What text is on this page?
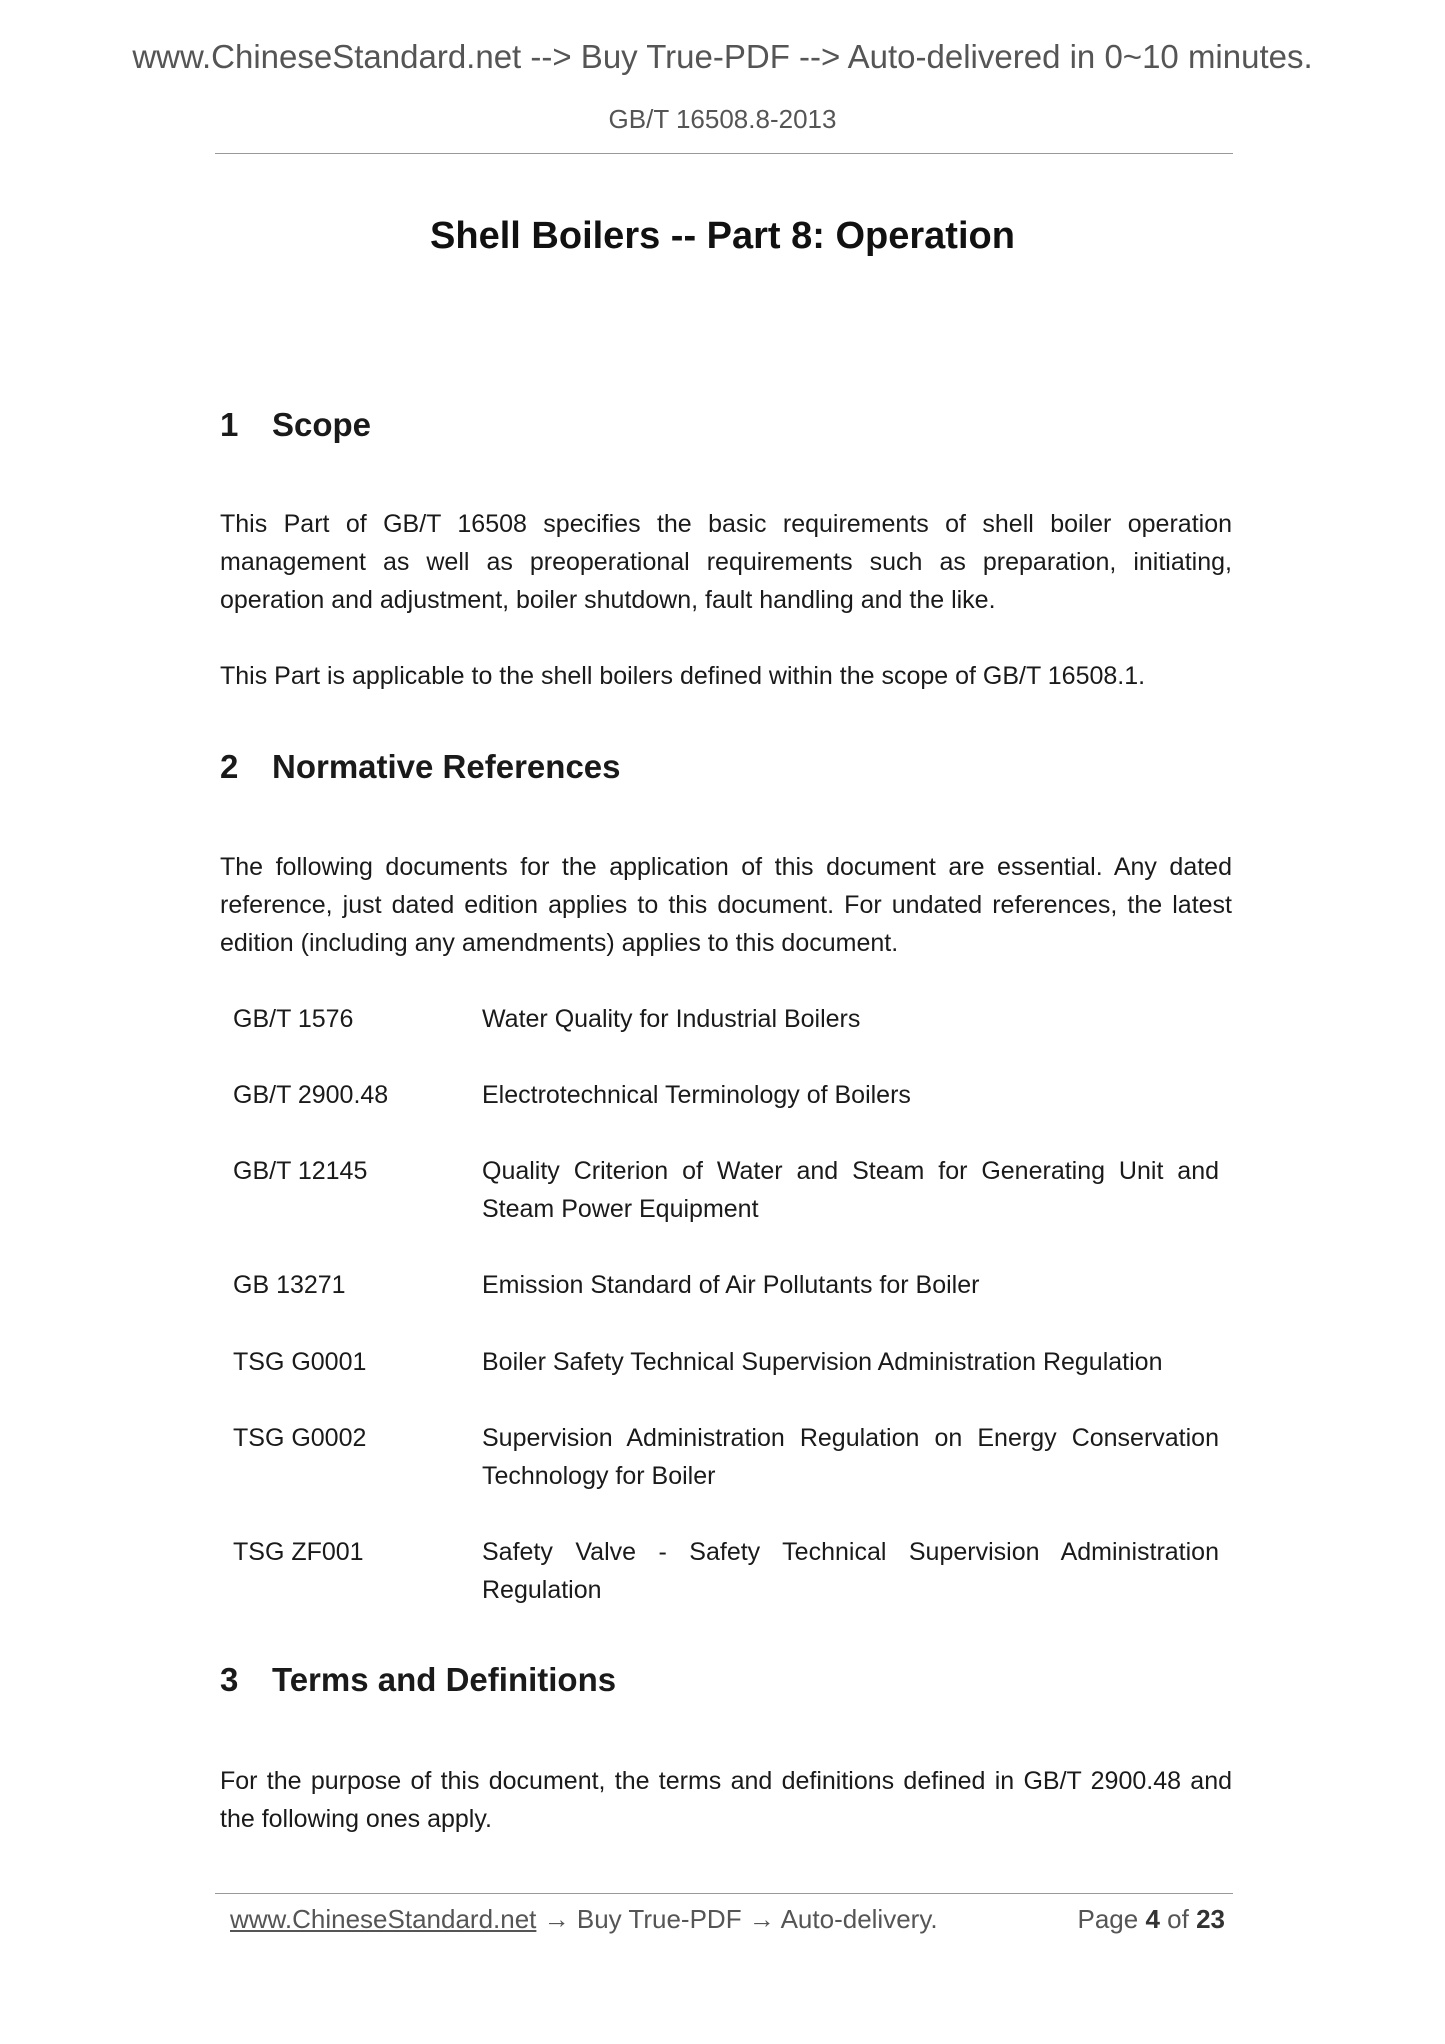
www.ChineseStandard.net --> Buy True-PDF --> Auto-delivered in 0~10 minutes.
GB/T 16508.8-2013
Shell Boilers -- Part 8: Operation
1 Scope
This Part of GB/T 16508 specifies the basic requirements of shell boiler operation management as well as preoperational requirements such as preparation, initiating, operation and adjustment, boiler shutdown, fault handling and the like.
This Part is applicable to the shell boilers defined within the scope of GB/T 16508.1.
2 Normative References
The following documents for the application of this document are essential. Any dated reference, just dated edition applies to this document. For undated references, the latest edition (including any amendments) applies to this document.
GB/T 1576	Water Quality for Industrial Boilers
GB/T 2900.48	Electrotechnical Terminology of Boilers
GB/T 12145	Quality Criterion of Water and Steam for Generating Unit and Steam Power Equipment
GB 13271	Emission Standard of Air Pollutants for Boiler
TSG G0001	Boiler Safety Technical Supervision Administration Regulation
TSG G0002	Supervision Administration Regulation on Energy Conservation Technology for Boiler
TSG ZF001	Safety Valve - Safety Technical Supervision Administration Regulation
3 Terms and Definitions
For the purpose of this document, the terms and definitions defined in GB/T 2900.48 and the following ones apply.
www.ChineseStandard.net → Buy True-PDF → Auto-delivery.	Page 4 of 23
